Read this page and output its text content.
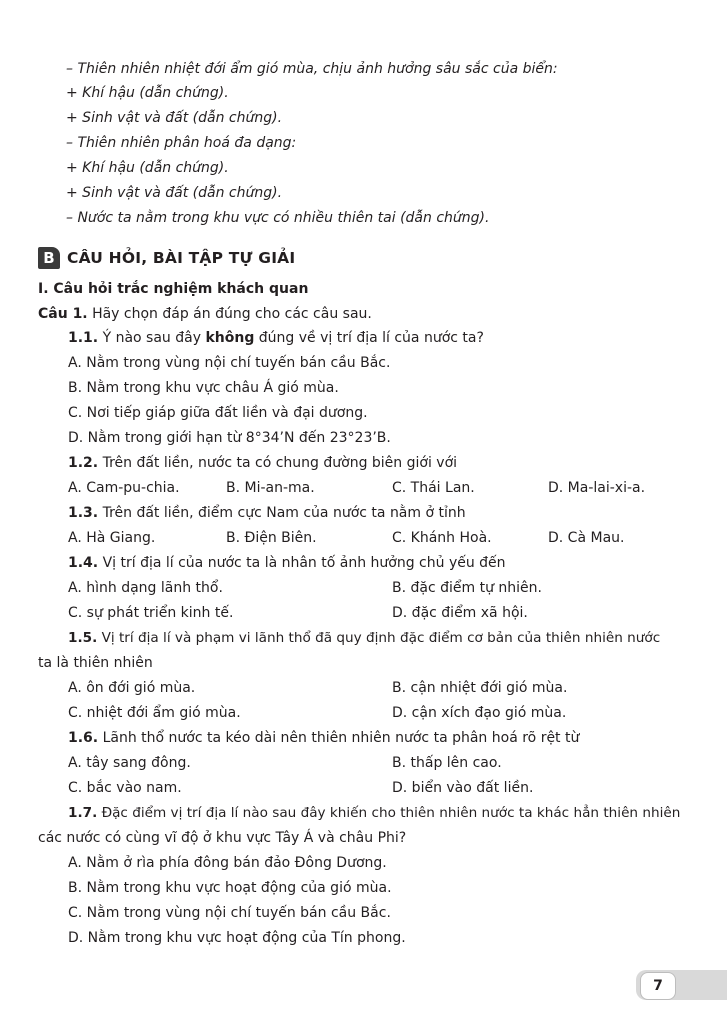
– Thiên nhiên nhiệt đới ẩm gió mùa, chịu ảnh hưởng sâu sắc của biển:
+ Khí hậu (dẫn chứng).
+ Sinh vật và đất (dẫn chứng).
– Thiên nhiên phân hoá đa dạng:
+ Khí hậu (dẫn chứng).
+ Sinh vật và đất (dẫn chứng).
– Nước ta nằm trong khu vực có nhiều thiên tai (dẫn chứng).
B CÂU HỎI, BÀI TẬP TỰ GIẢI
I. Câu hỏi trắc nghiệm khách quan
Câu 1. Hãy chọn đáp án đúng cho các câu sau.
1.1. Ý nào sau đây không đúng về vị trí địa lí của nước ta?
A. Nằm trong vùng nội chí tuyến bán cầu Bắc.
B. Nằm trong khu vực châu Á gió mùa.
C. Nơi tiếp giáp giữa đất liền và đại dương.
D. Nằm trong giới hạn từ 8°34’N đến 23°23’B.
1.2. Trên đất liền, nước ta có chung đường biên giới với
A. Cam-pu-chia.	B. Mi-an-ma.	C. Thái Lan.	D. Ma-lai-xi-a.
1.3. Trên đất liền, điểm cực Nam của nước ta nằm ở tỉnh
A. Hà Giang.	B. Điện Biên.	C. Khánh Hoà.	D. Cà Mau.
1.4. Vị trí địa lí của nước ta là nhân tố ảnh hưởng chủ yếu đến
A. hình dạng lãnh thổ.	B. đặc điểm tự nhiên.
C. sự phát triển kinh tế.	D. đặc điểm xã hội.
1.5. Vị trí địa lí và phạm vi lãnh thổ đã quy định đặc điểm cơ bản của thiên nhiên nước
ta là thiên nhiên
A. ôn đới gió mùa.	B. cận nhiệt đới gió mùa.
C. nhiệt đới ẩm gió mùa.	D. cận xích đạo gió mùa.
1.6. Lãnh thổ nước ta kéo dài nên thiên nhiên nước ta phân hoá rõ rệt từ
A. tây sang đông.	B. thấp lên cao.
C. bắc vào nam.	D. biển vào đất liền.
1.7. Đặc điểm vị trí địa lí nào sau đây khiến cho thiên nhiên nước ta khác hẳn thiên nhiên
các nước có cùng vĩ độ ở khu vực Tây Á và châu Phi?
A. Nằm ở rìa phía đông bán đảo Đông Dương.
B. Nằm trong khu vực hoạt động của gió mùa.
C. Nằm trong vùng nội chí tuyến bán cầu Bắc.
D. Nằm trong khu vực hoạt động của Tín phong.
7
